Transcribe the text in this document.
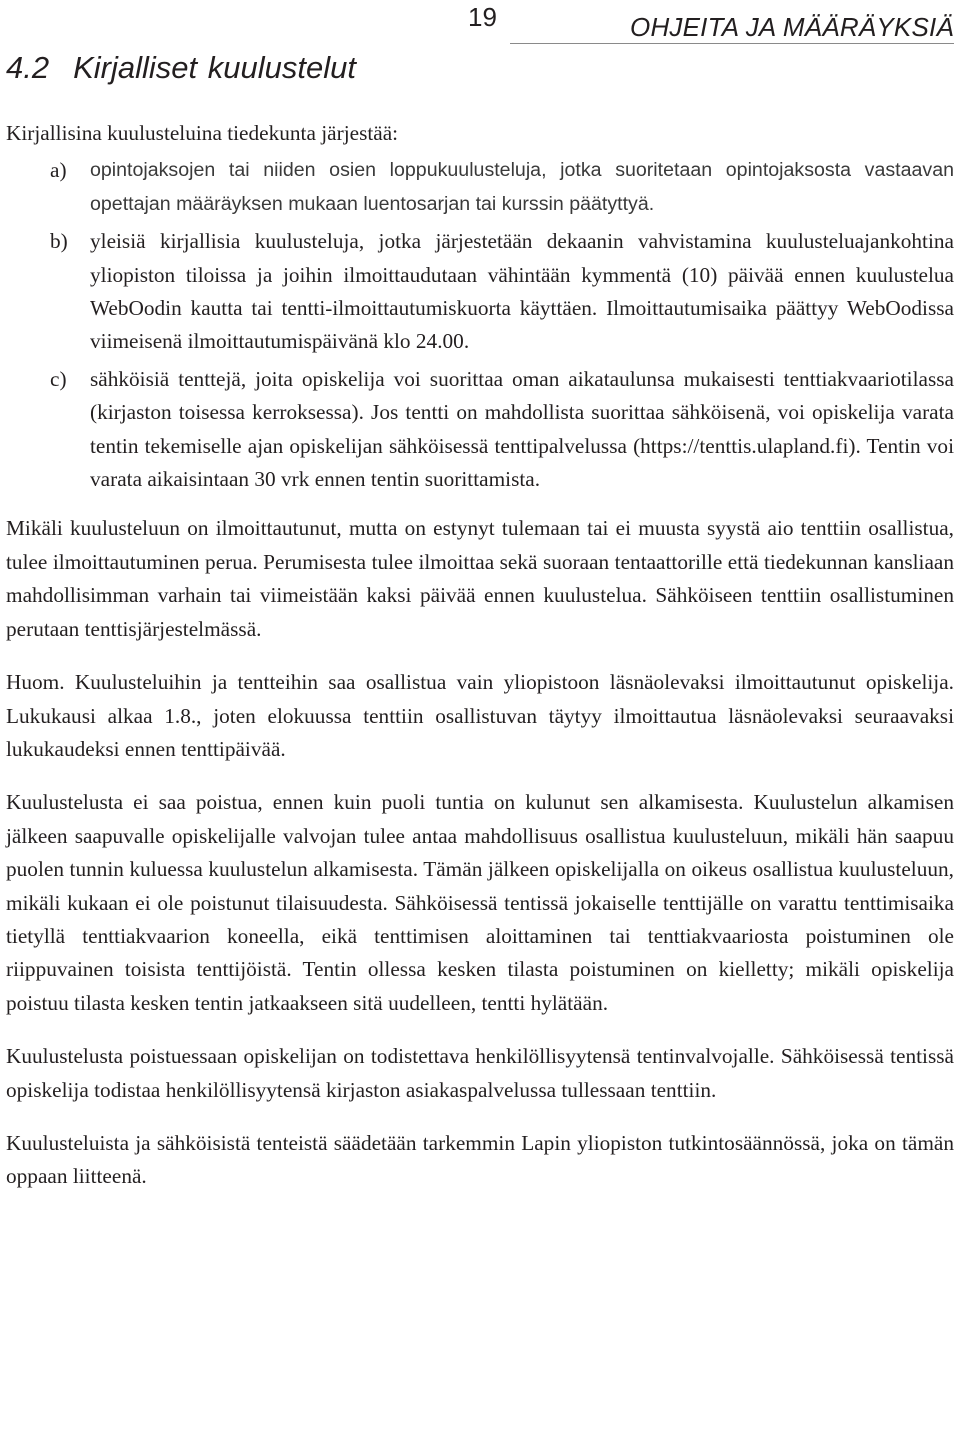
19	OHJEITA JA MÄÄRÄYKSIÄ
4.2 Kirjalliset kuulustelut

Kirjallisina kuulusteluina tiedekunta järjestää:

a) opintojaksojen tai niiden osien loppukuulusteluja, jotka suoritetaan opintojaksosta vastaavan opettajan määräyksen mukaan luentosarjan tai kurssin päätyttyä.
b) yleisiä kirjallisia kuulusteluja, jotka järjestetään dekaanin vahvistamina kuulusteluajankohtina yliopiston tiloissa ja joihin ilmoittaudutaan vähintään kymmentä (10) päivää ennen kuulustelua WebOodin kautta tai tentti-ilmoittautumiskuorta käyttäen. Ilmoittautumisaika päättyy WebOodissa viimeisenä ilmoittautumispäivänä klo 24.00.
c) sähköisiä tenttejä, joita opiskelija voi suorittaa oman aikataulunsa mukaisesti tenttiakvaariotilassa (kirjaston toisessa kerroksessa). Jos tentti on mahdollista suorittaa sähköisenä, voi opiskelija varata tentin tekemiselle ajan opiskelijan sähköisessä tenttipalvelussa (https://tenttis.ulapland.fi). Tentin voi varata aikaisintaan 30 vrk ennen tentin suorittamista.

Mikäli kuulusteluun on ilmoittautunut, mutta on estynyt tulemaan tai ei muusta syystä aio tenttiin osallistua, tulee ilmoittautuminen perua. Perumisesta tulee ilmoittaa sekä suoraan tentaattorille että tiedekunnan kansliaan mahdollisimman varhain tai viimeistään kaksi päivää ennen kuulustelua. Sähköiseen tenttiin osallistuminen perutaan tenttisjärjestelmässä.

Huom. Kuulusteluihin ja tentteihin saa osallistua vain yliopistoon läsnäolevaksi ilmoittautunut opiskelija. Lukukausi alkaa 1.8., joten elokuussa tenttiin osallistuvan täytyy ilmoittautua läsnäolevaksi seuraavaksi lukukaudeksi ennen tenttipäivää.

Kuulustelusta ei saa poistua, ennen kuin puoli tuntia on kulunut sen alkamisesta. Kuulustelun alkamisen jälkeen saapuvalle opiskelijalle valvojan tulee antaa mahdollisuus osallistua kuulusteluun, mikäli hän saapuu puolen tunnin kuluessa kuulustelun alkamisesta. Tämän jälkeen opiskelijalla on oikeus osallistua kuulusteluun, mikäli kukaan ei ole poistunut tilaisuudesta. Sähköisessä tentissä jokaiselle tenttijälle on varattu tenttimisaika tietyllä tenttiakvaarion koneella, eikä tenttimisen aloittaminen tai tenttiakvaariosta poistuminen ole riippuvainen toisista tenttijöistä. Tentin ollessa kesken tilasta poistuminen on kielletty; mikäli opiskelija poistuu tilasta kesken tentin jatkaakseen sitä uudelleen, tentti hylätään.

Kuulustelusta poistuessaan opiskelijan on todistettava henkilöllisyytensä tentinvalvojalle. Sähköisessä tentissä opiskelija todistaa henkilöllisyytensä kirjaston asiakaspalvelussa tullessaan tenttiin.

Kuulusteluista ja sähköisistä tenteistä säädetään tarkemmin Lapin yliopiston tutkintosäännössä, joka on tämän oppaan liitteenä.
